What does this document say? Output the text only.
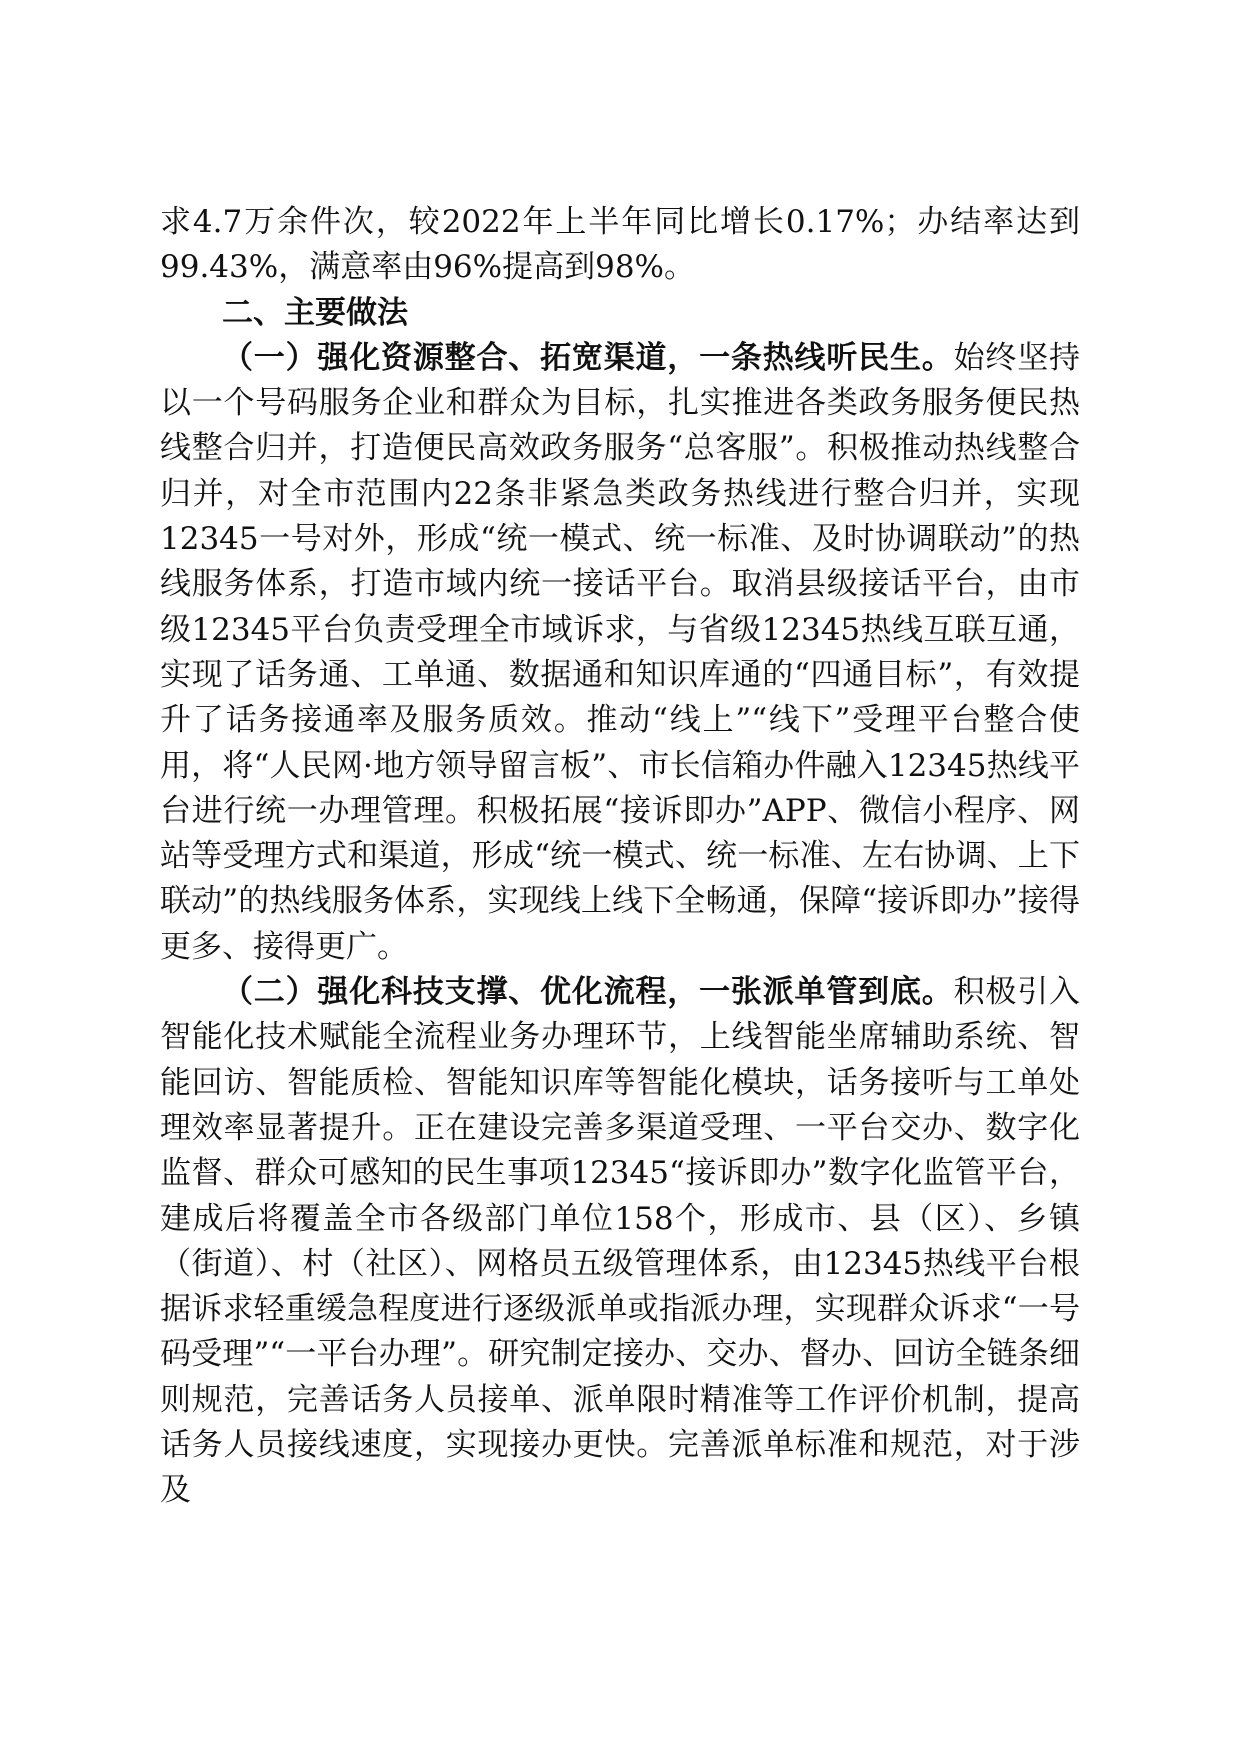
求4.7万余件次，较2022年上半年同比增长0.17%；办结率达到99.43%，满意率由96%提高到98%。

二、主要做法

（一）强化资源整合、拓宽渠道，一条热线听民生。始终坚持以一个号码服务企业和群众为目标，扎实推进各类政务服务便民热线整合归并，打造便民高效政务服务“总客服”。积极推动热线整合归并，对全市范围内22条非紧急类政务热线进行整合归并，实现12345一号对外，形成“统一模式、统一标准、及时协调联动”的热线服务体系，打造市域内统一接话平台。取消县级接话平台，由市级12345平台负责受理全市域诉求，与省级12345热线互联互通，实现了话务通、工单通、数据通和知识库通的“四通目标”，有效提升了话务接通率及服务质效。推动“线上”“线下”受理平台整合使用，将“人民网·地方领导留言板”、市长信箱办件融入12345热线平台进行统一办理管理。积极拓展“接诉即办”APP、微信小程序、网站等受理方式和渠道，形成“统一模式、统一标准、左右协调、上下联动”的热线服务体系，实现线上线下全畅通，保障“接诉即办”接得更多、接得更广。

（二）强化科技支撑、优化流程，一张派单管到底。积极引入智能化技术赋能全流程业务办理环节，上线智能坐席辅助系统、智能回访、智能质检、智能知识库等智能化模块，话务接听与工单处理效率显著提升。正在建设完善多渠道受理、一平台交办、数字化监督、群众可感知的民生事项12345“接诉即办”数字化监管平台，建成后将覆盖全市各级部门单位158个，形成市、县（区）、乡镇（街道）、村（社区）、网格员五级管理体系，由12345热线平台根据诉求轻重缓急程度进行逐级派单或指派办理，实现群众诉求“一号码受理”“一平台办理”。研究制定接办、交办、督办、回访全链条细则规范，完善话务人员接单、派单限时精准等工作评价机制，提高话务人员接线速度，实现接办更快。完善派单标准和规范，对于涉及
